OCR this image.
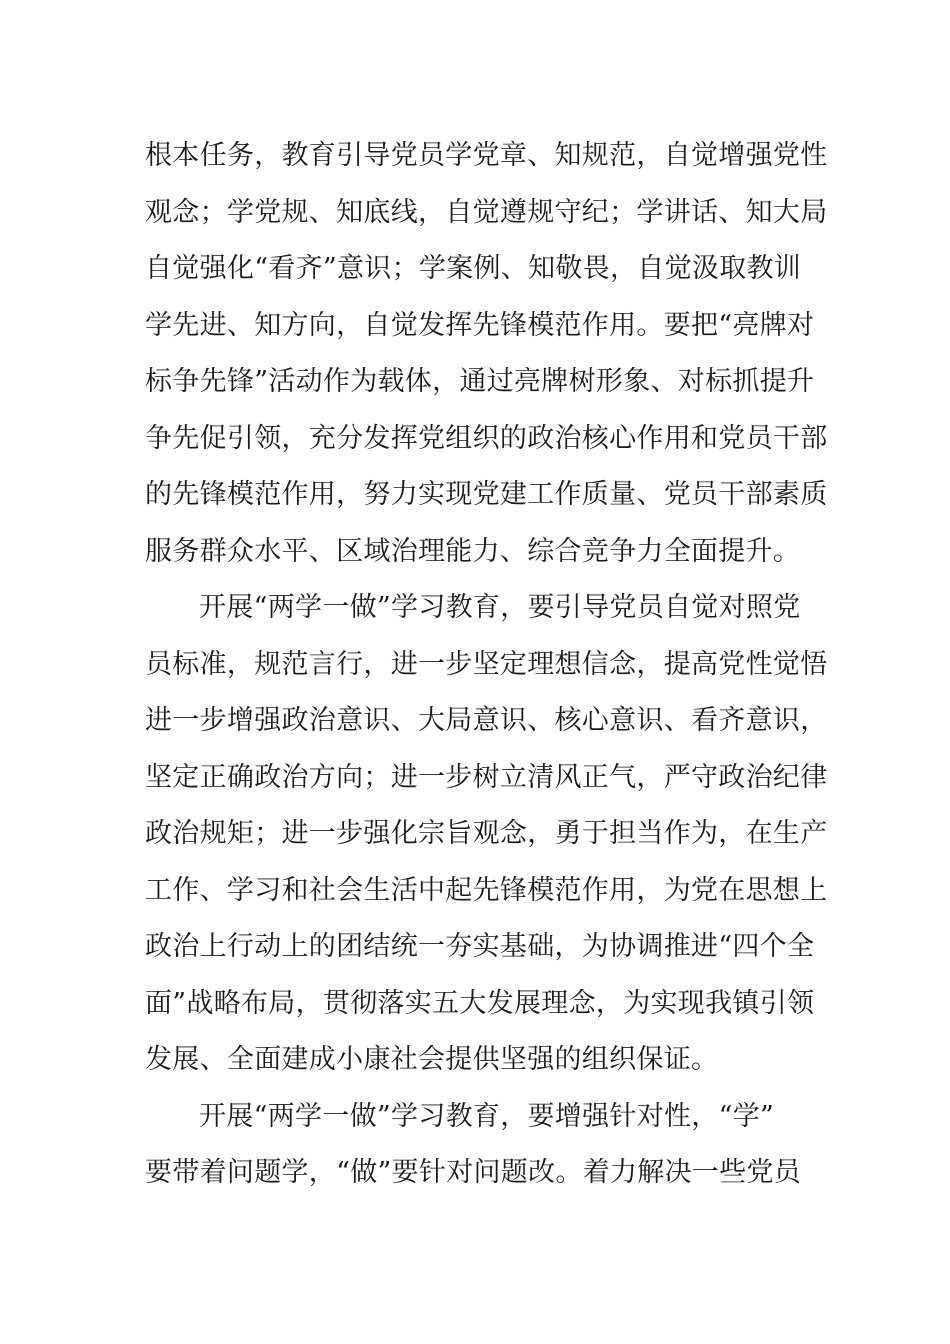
根本任务，教育引导党员学党章、知规范，自觉增强党性
观念；学党规、知底线，自觉遵规守纪；学讲话、知大局
自觉强化“看齐”意识；学案例、知敬畏，自觉汲取教训
学先进、知方向，自觉发挥先锋模范作用。要把“亮牌对
标争先锋”活动作为载体，通过亮牌树形象、对标抓提升
争先促引领，充分发挥党组织的政治核心作用和党员干部
的先锋模范作用，努力实现党建工作质量、党员干部素质
服务群众水平、区域治理能力、综合竞争力全面提升。
开展“两学一做”学习教育，要引导党员自觉对照党
员标准，规范言行，进一步坚定理想信念，提高党性觉悟
进一步增强政治意识、大局意识、核心意识、看齐意识，
坚定正确政治方向；进一步树立清风正气，严守政治纪律
政治规矩；进一步强化宗旨观念，勇于担当作为，在生产
工作、学习和社会生活中起先锋模范作用，为党在思想上
政治上行动上的团结统一夯实基础，为协调推进“四个全
面”战略布局，贯彻落实五大发展理念，为实现我镇引领
发展、全面建成小康社会提供坚强的组织保证。
开展“两学一做”学习教育，要增强针对性，“学”
要带着问题学，“做”要针对问题改。着力解决一些党员
